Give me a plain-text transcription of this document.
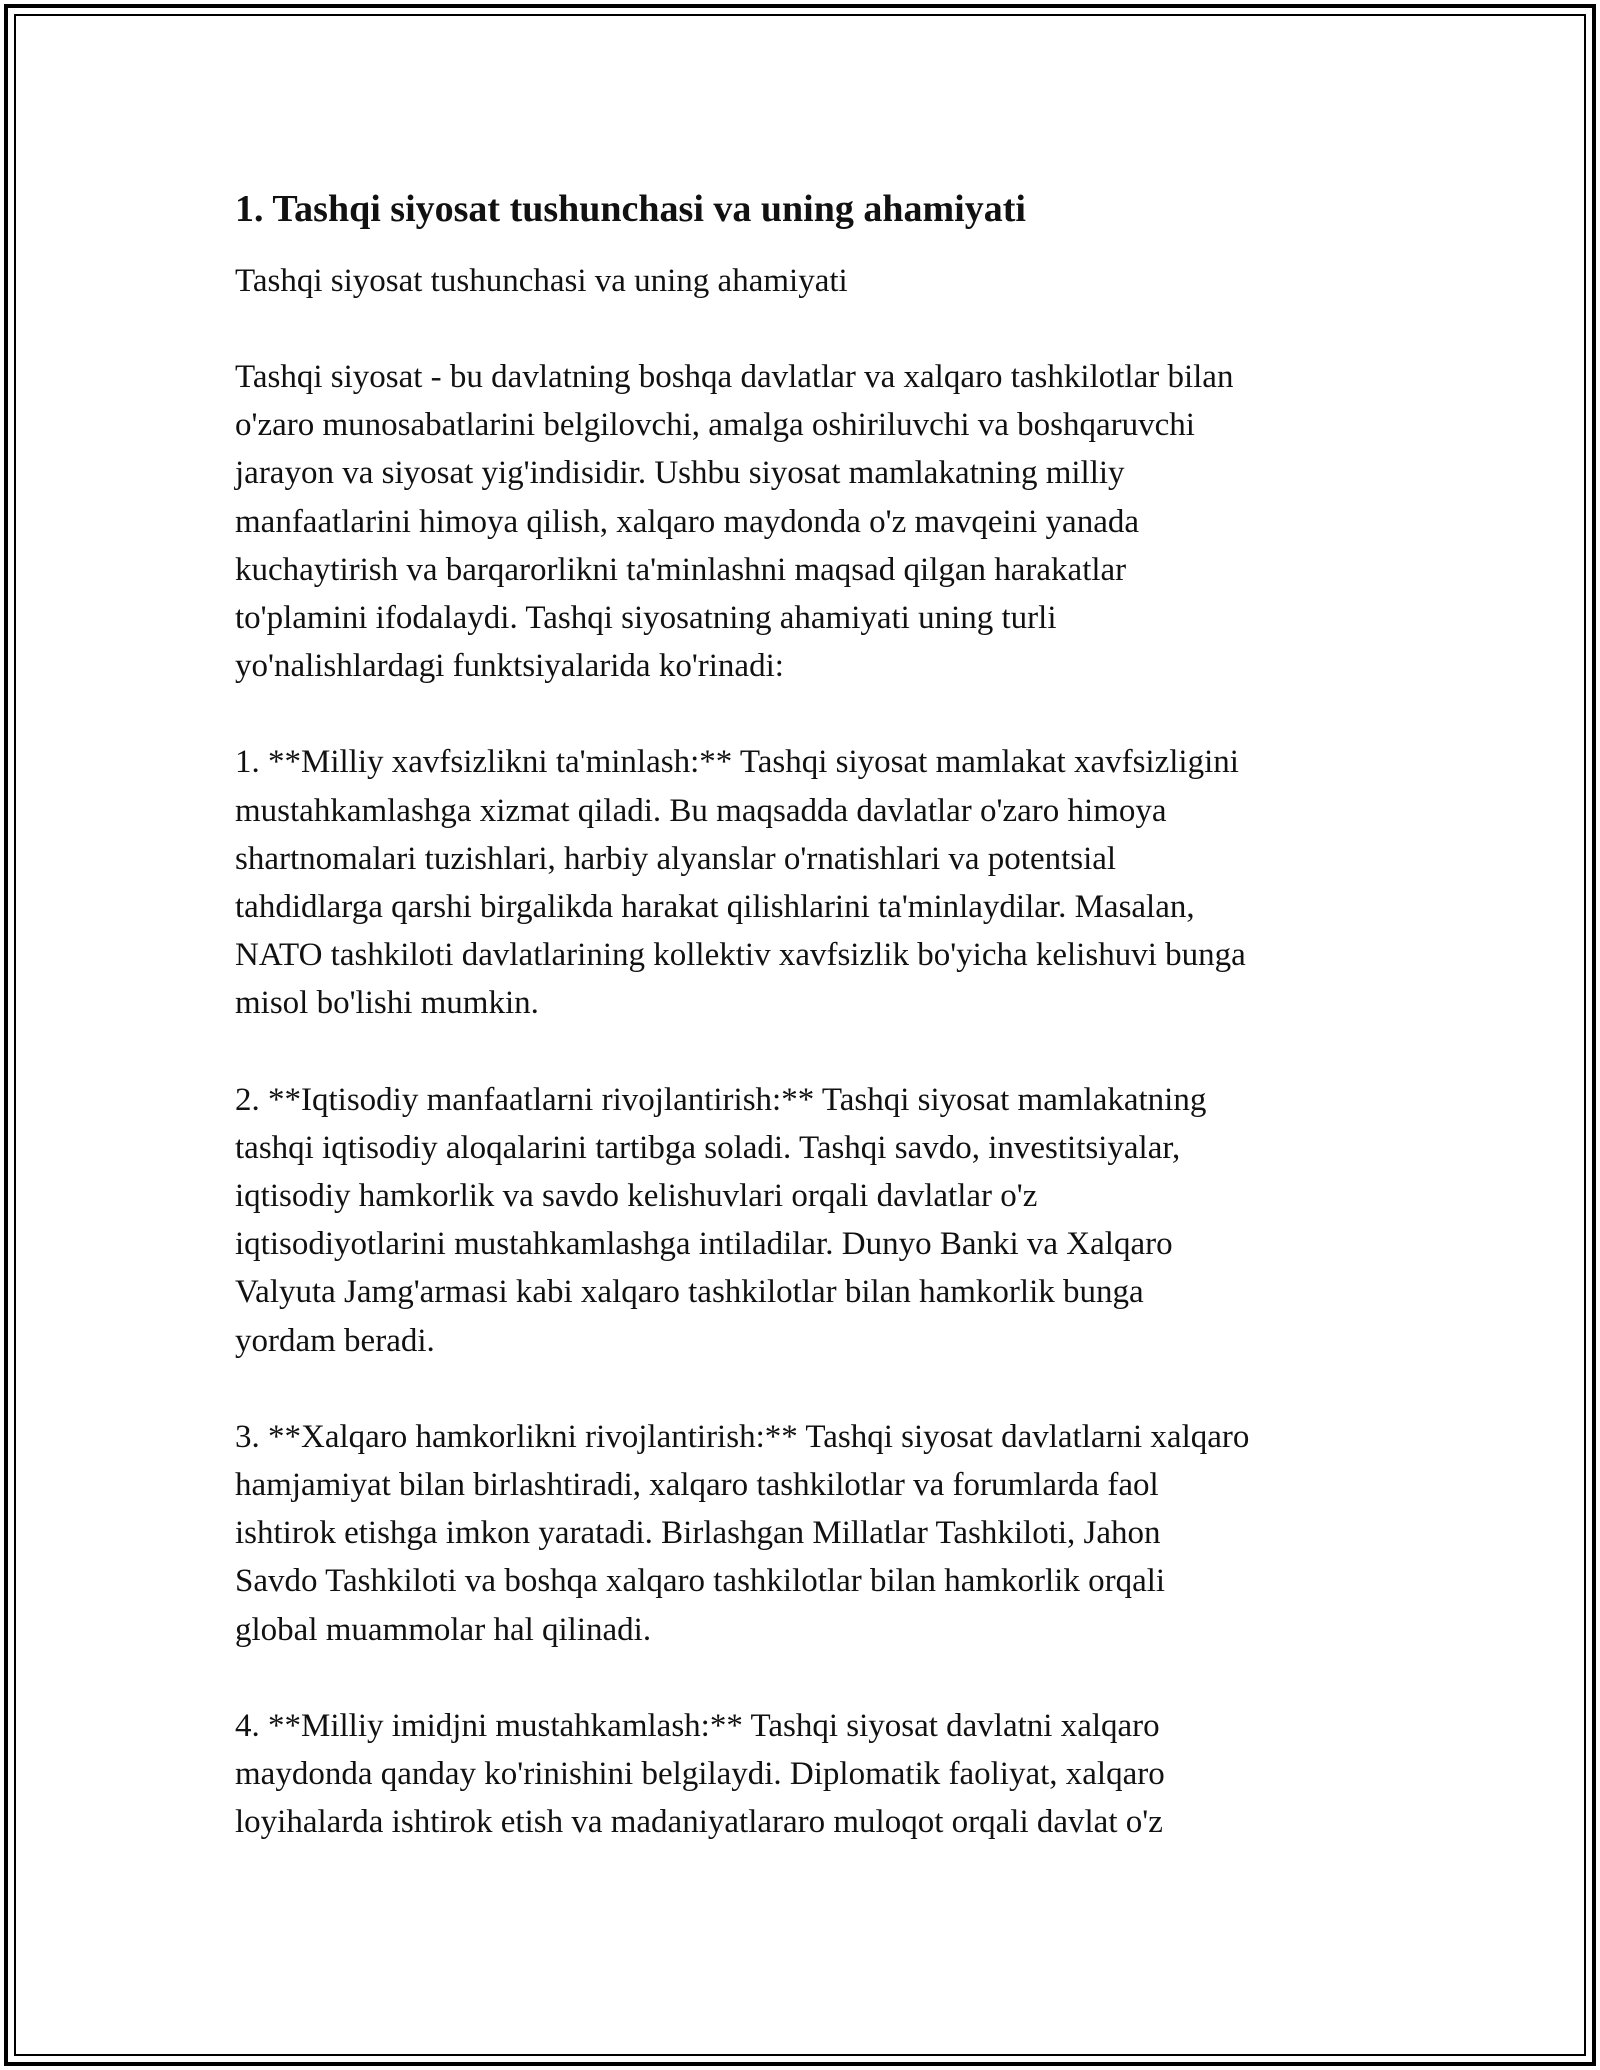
1. Tashqi siyosat tushunchasi va uning ahamiyati
Tashqi siyosat tushunchasi va uning ahamiyati
Tashqi siyosat - bu davlatning boshqa davlatlar va xalqaro tashkilotlar bilan
o'zaro munosabatlarini belgilovchi, amalga oshiriluvchi va boshqaruvchi
jarayon va siyosat yig'indisidir. Ushbu siyosat mamlakatning milliy
manfaatlarini himoya qilish, xalqaro maydonda o'z mavqeini yanada
kuchaytirish va barqarorlikni ta'minlashni maqsad qilgan harakatlar
to'plamini ifodalaydi. Tashqi siyosatning ahamiyati uning turli
yo'nalishlardagi funktsiyalarida ko'rinadi:
1. **Milliy xavfsizlikni ta'minlash:** Tashqi siyosat mamlakat xavfsizligini
mustahkamlashga xizmat qiladi. Bu maqsadda davlatlar o'zaro himoya
shartnomalari tuzishlari, harbiy alyanslar o'rnatishlari va potentsial
tahdidlarga qarshi birgalikda harakat qilishlarini ta'minlaydilar. Masalan,
NATO tashkiloti davlatlarining kollektiv xavfsizlik bo'yicha kelishuvi bunga
misol bo'lishi mumkin.
2. **Iqtisodiy manfaatlarni rivojlantirish:** Tashqi siyosat mamlakatning
tashqi iqtisodiy aloqalarini tartibga soladi. Tashqi savdo, investitsiyalar,
iqtisodiy hamkorlik va savdo kelishuvlari orqali davlatlar o'z
iqtisodiyotlarini mustahkamlashga intiladilar. Dunyo Banki va Xalqaro
Valyuta Jamg'armasi kabi xalqaro tashkilotlar bilan hamkorlik bunga
yordam beradi.
3. **Xalqaro hamkorlikni rivojlantirish:** Tashqi siyosat davlatlarni xalqaro
hamjamiyat bilan birlashtiradi, xalqaro tashkilotlar va forumlarda faol
ishtirok etishga imkon yaratadi. Birlashgan Millatlar Tashkiloti, Jahon
Savdo Tashkiloti va boshqa xalqaro tashkilotlar bilan hamkorlik orqali
global muammolar hal qilinadi.
4. **Milliy imidjni mustahkamlash:** Tashqi siyosat davlatni xalqaro
maydonda qanday ko'rinishini belgilaydi. Diplomatik faoliyat, xalqaro
loyihalarda ishtirok etish va madaniyatlararo muloqot orqali davlat o'z
